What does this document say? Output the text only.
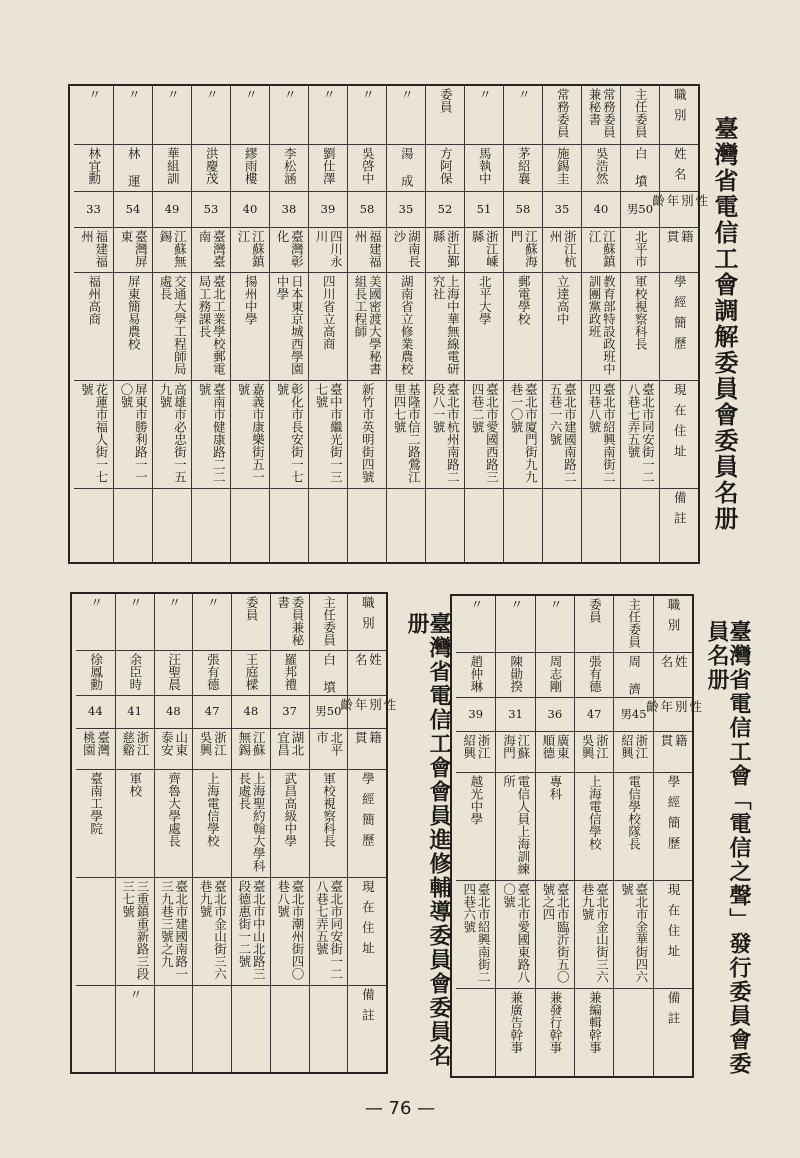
臺灣省電信工會調解委員會委員名册
職別
姓名
性別年齡
籍貫
學經簡歷
現在住址
備註
主任委員
白 墳
男50
北平市
軍校視察科長
臺北市同安街一二八巷七弄五號
常務委員兼秘書
吳浩然
40
江蘇鎮江
教育部特設政班中訓團黨政班
臺北市紹興南街二四巷八號
常務委員
施錫圭
35
浙江杭州
立達高中
臺北市建國南路二五巷一六號
〃
茅紹襄
58
江蘇海門
郵電學校
臺北市廈門街九九巷一〇號
〃
馬執中
51
浙江嵊縣
北平大學
臺北市愛國西路三四巷二號
委員
方阿保
52
浙江鄞縣
上海中華無線電研究社
臺北市杭州南路二段八一號
〃
湯 成
35
湖南長沙
湖南省立修業農校
基隆市信二路鶯江里四七號
〃
吳啓中
58
福建福州
美國密渡大學秘書組長工程師
新竹市英明街四號
〃
劉仕澤
39
四川永川
四川省立高商
臺中市繼光街一三七號
〃
李松涵
38
臺灣彰化
日本東京城西學園中學
彰化市長安街一七號
〃
繆雨樓
40
江蘇鎮江
揚州中學
嘉義市康樂街五一號
〃
洪慶茂
53
臺灣臺南
臺北工業學校郵電局工務課長
臺南市健康路二二號
〃
華組訓
49
江蘇無錫
交通大學工程師局處長
高雄市必忠街一五九號
〃
林 運
54
臺灣屏東
屏東簡易農校
屏東市勝利路一一〇號
〃
林宜勳
33
福建福州
福州高商
花蓮市福人街一七號
臺灣省電信工會「電信之聲」發行委員會委員名册
職別
姓名
性別年齡
籍貫
學經簡歷
現在住址
備註
主任委員
周 濟
男45
浙江紹興
電信學校隊長
臺北市金華街四六號
委員
張有德
47
浙江吳興
上海電信學校
臺北市金山街三六巷九號
兼編輯幹事
〃
周志剛
36
廣東順德
專科
臺北市臨沂街五〇號之四
兼發行幹事
〃
陳勛揆
31
江蘇海門
電信人員上海訓練所
臺北市愛國東路八〇號
兼廣告幹事
〃
趙仲琳
39
浙江紹興
越光中學
臺北市紹興南街二四巷六號
臺灣省電信工會會員進修輔導委員會委員名册
職別
姓名
性別年齡
籍貫
學經簡歷
現在住址
備註
主任委員
白 墳
男50
北平市
軍校視察科長
臺北市同安街一二八巷七弄五號
委員兼秘書
羅邦禮
37
湖北宜昌
武昌高級中學
臺北市潮州街四〇巷八號
委員
王庭樑
48
江蘇無錫
上海聖約翰大學科長處長
臺北市中山北路三段德惠街一二號
〃
張有德
47
浙江吳興
上海電信學校
臺北市金山街三六巷九號
〃
汪聖晨
48
山東泰安
齊魯大學處長
臺北市建國南路一三九巷三號之九
〃
余臣時
41
浙江慈谿
軍校
三重鎮重新路三段三七號
〃
〃
徐鳳勳
44
臺灣桃園
臺南工學院
— 76 —
